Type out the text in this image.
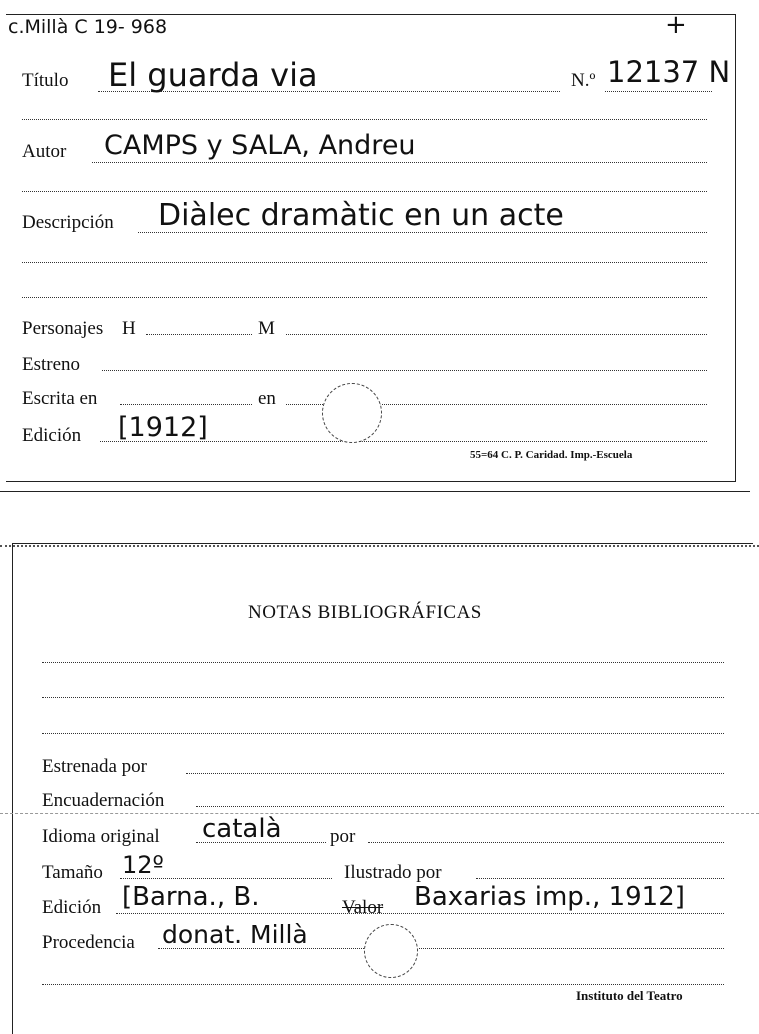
c.Millà C 19- 968	+
Título El guarda via	N.º 12137 N
Autor CAMPS y SALA, Andreu
Descripción Diàlec dramàtic en un acte
Personajes H	M
Estreno
Escrita en	en
Edición [1912]
55=64 C. P. Caridad. Imp.-Escuela
NOTAS BIBLIOGRÁFICAS
Estrenada por
Encuadernación
Idioma original català	por
Tamaño 12º	Ilustrado por
Edición [Barna., B.	Valor Baxarias imp., 1912]
Procedencia donat. Millà
Instituto del Teatro
